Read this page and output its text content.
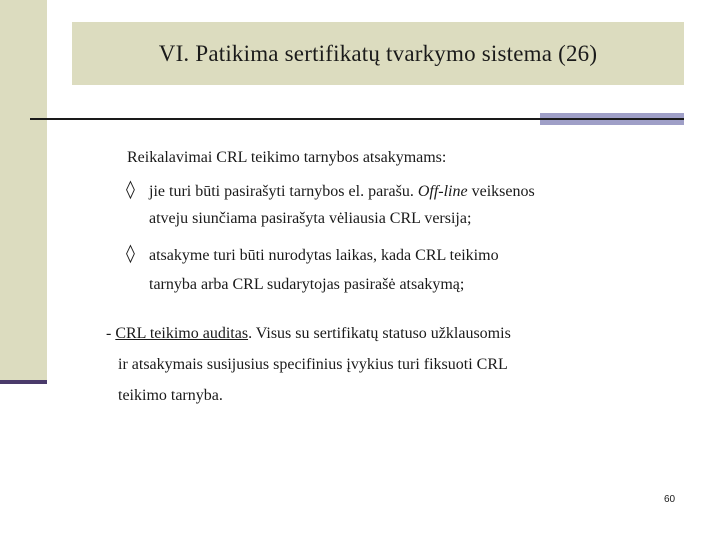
VI. Patikima sertifikatų tvarkymo sistema (26)
Reikalavimai CRL teikimo tarnybos atsakymams:
◊ jie turi būti pasirašyti tarnybos el. parašu. Off-line veiksenos
atveju siunčiama pasirašyta vėliausia CRL versija;
◊ atsakyme turi būti nurodytas laikas, kada CRL teikimo
tarnyba arba CRL sudarytojas pasirašė atsakymą;
- CRL teikimo auditas. Visus su sertifikatų statuso užklausomis
ir atsakymais susijusius specifinius įvykius turi fiksuoti CRL
teikimo tarnyba.
60
